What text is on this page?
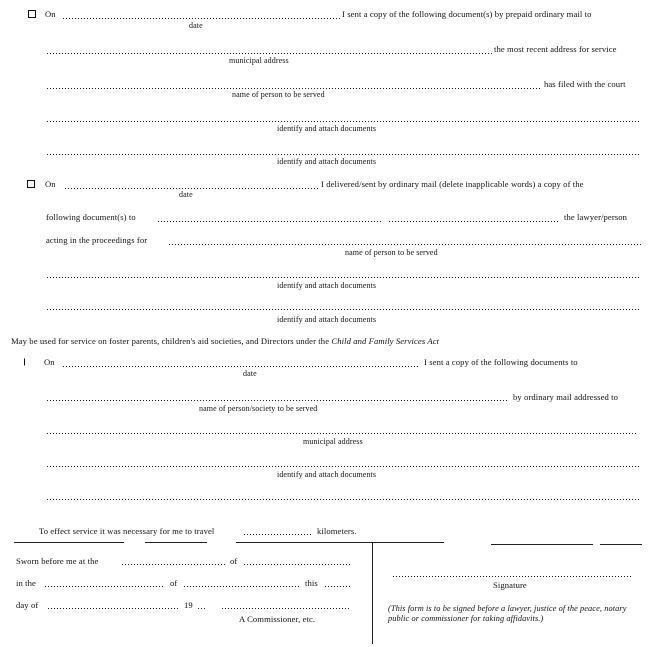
On	I sent a copy of the following document(s) by prepaid ordinary mail to
date
the most recent address for service
municipal address
has filed with the court
name of person to be served
identify and attach documents
identify and attach documents
On	I delivered/sent by ordinary mail (delete inapplicable words) a copy of the
date
following document(s) to	the lawyer/person
acting in the proceedings for
name of person to be served
identify and attach documents
identify and attach documents
May be used for service on foster parents, children's aid societies, and Directors under the Child and Family Services Act
On	I sent a copy of the following documents to
date
by ordinary mail addressed to
name of person/society to be served
municipal address
identify and attach documents
To effect service it was necessary for me to travel	kilometers.
Sworn before me at the	of
in the	of	this
day of	19
A Commissioner, etc.
Signature
(This form is to be signed before a lawyer, justice of the peace, notary public or commissioner for taking affidavits.)
